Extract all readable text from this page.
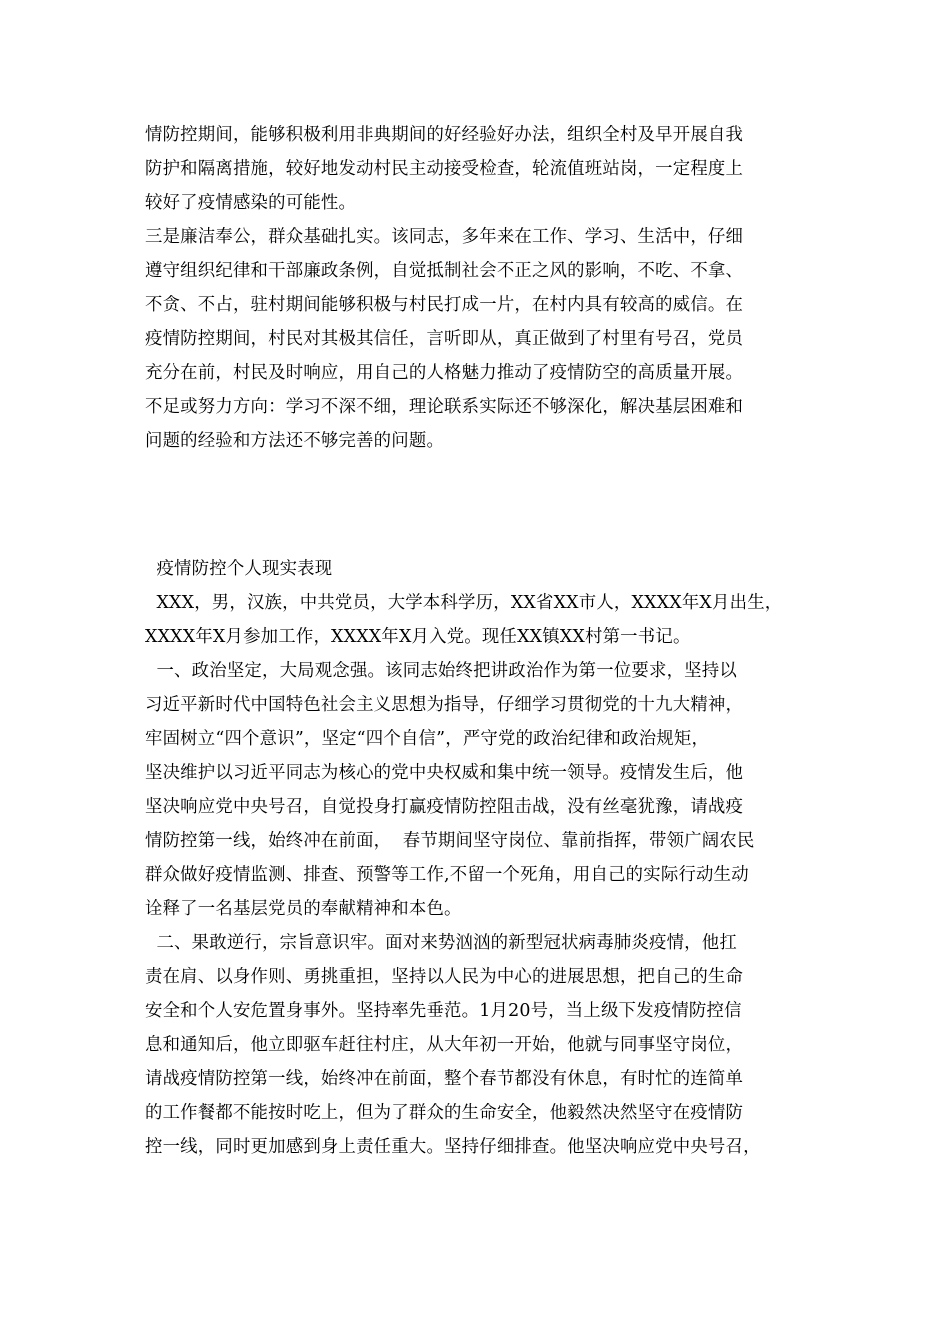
情防控期间，能够积极利用非典期间的好经验好办法，组织全村及早开展自我
防护和隔离措施，较好地发动村民主动接受检查，轮流值班站岗，一定程度上
较好了疫情感染的可能性。
三是廉洁奉公，群众基础扎实。该同志，多年来在工作、学习、生活中，仔细
遵守组织纪律和干部廉政条例，自觉抵制社会不正之风的影响，不吃、不拿、
不贪、不占，驻村期间能够积极与村民打成一片，在村内具有较高的威信。在
疫情防控期间，村民对其极其信任，言听即从，真正做到了村里有号召，党员
充分在前，村民及时响应，用自己的人格魅力推动了疫情防空的高质量开展。
不足或努力方向：学习不深不细，理论联系实际还不够深化，解决基层困难和
问题的经验和方法还不够完善的问题。
疫情防控个人现实表现
XXX，男，汉族，中共党员，大学本科学历，XX省XX市人，XXXX年X月出生，
XXXX年X月参加工作，XXXX年X月入党。现任XX镇XX村第一书记。
一、政治坚定，大局观念强。该同志始终把讲政治作为第一位要求，坚持以
习近平新时代中国特色社会主义思想为指导，仔细学习贯彻党的十九大精神，
牢固树立“四个意识”，坚定“四个自信”，严守党的政治纪律和政治规矩，
坚决维护以习近平同志为核心的党中央权威和集中统一领导。疫情发生后，他
坚决响应党中央号召，自觉投身打赢疫情防控阻击战，没有丝毫犹豫，请战疫
情防控第一线，始终冲在前面，  春节期间坚守岗位、靠前指挥，带领广阔农民
群众做好疫情监测、排查、预警等工作,不留一个死角，用自己的实际行动生动
诠释了一名基层党员的奉献精神和本色。
二、果敢逆行，宗旨意识牢。面对来势汹汹的新型冠状病毒肺炎疫情，他扛
责在肩、以身作则、勇挑重担，坚持以人民为中心的进展思想，把自己的生命
安全和个人安危置身事外。坚持率先垂范。1月20号，当上级下发疫情防控信
息和通知后，他立即驱车赶往村庄，从大年初一开始，他就与同事坚守岗位，
请战疫情防控第一线，始终冲在前面，整个春节都没有休息，有时忙的连简单
的工作餐都不能按时吃上，但为了群众的生命安全，他毅然决然坚守在疫情防
控一线，同时更加感到身上责任重大。坚持仔细排查。他坚决响应党中央号召，
